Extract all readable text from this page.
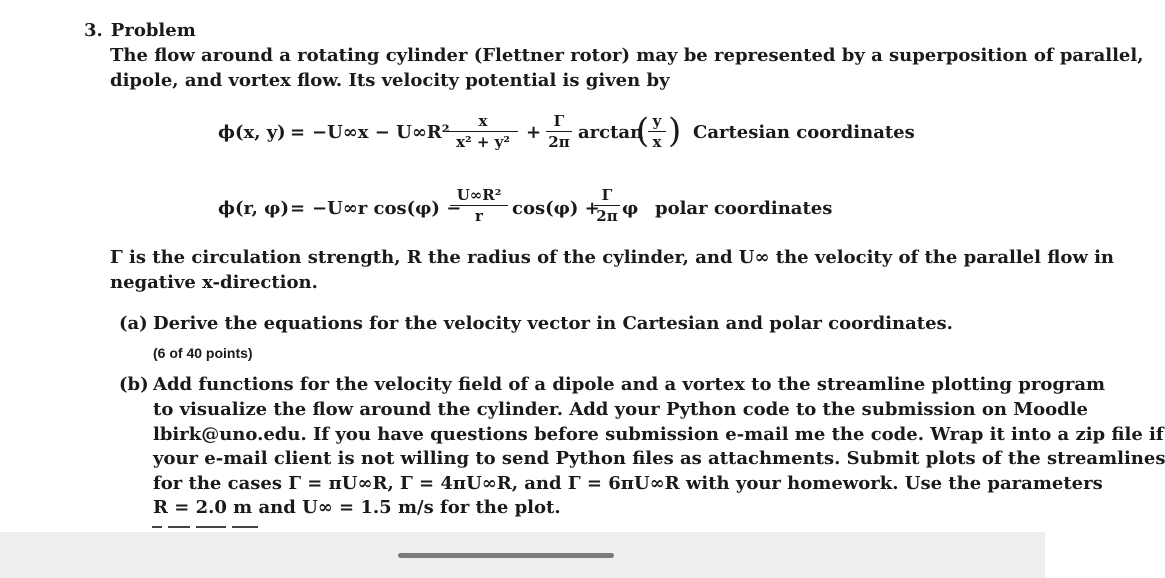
3. Problem
The flow around a rotating cylinder (Flettner rotor) may be represented by a superposition of parallel,
dipole, and vortex flow. Its velocity potential is given by
ϕ(x, y) = −U∞x − U∞R²
x
x² + y² +
Γ
2π arctan
( y
x ) Cartesian coordinates
ϕ(r, φ) = −U∞r cos(φ) −
U∞R²
r	cos(φ) +
Γ
2π φ polar coordinates
Γ is the circulation strength, R the radius of the cylinder, and U∞ the velocity of the parallel flow in
negative x-direction.
(a) Derive the equations for the velocity vector in Cartesian and polar coordinates.
(6 of 40 points)
(b) Add functions for the velocity field of a dipole and a vortex to the streamline plotting program
to visualize the flow around the cylinder. Add your Python code to the submission on Moodle
lbirk@uno.edu. If you have questions before submission e-mail me the code. Wrap it into a zip file if
your e-mail client is not willing to send Python files as attachments. Submit plots of the streamlines
for the cases Γ = πU∞R, Γ = 4πU∞R, and Γ = 6πU∞R with your homework. Use the parameters
R = 2.0 m and U∞ = 1.5 m/s for the plot.
